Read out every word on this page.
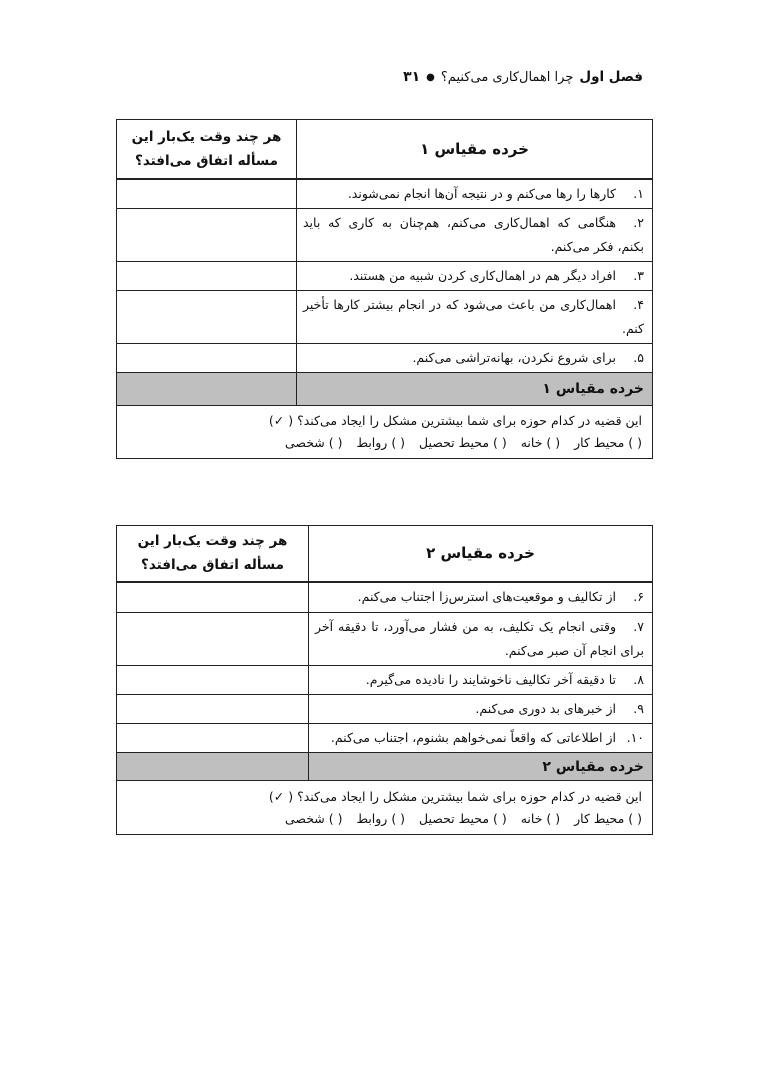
فصل اول
چرا اهمال‌کاری می‌کنیم؟
●
۳۱
خرده مقیاس ۱	هر چند وقت یک‌بار این
مسأله اتفاق می‌افتد؟

۱.کارها را رها می‌کنم و در نتیجه آن‌ها انجام نمی‌شوند.	
۲.هنگامی که اهمال‌کاری می‌کنم، هم‌چنان به کاری که باید بکنم، فکر می‌کنم.	
۳.افراد دیگر هم در اهمال‌کاری کردن شبیه من هستند.	
۴.اهمال‌کاری من باعث می‌شود که در انجام بیشتر کارها تأخیر کنم.	
۵.برای شروع نکردن، بهانه‌تراشی می‌کنم.	
خرده مقیاس ۱	

این قضیه در کدام حوزه برای شما بیشترین مشکل را ایجاد می‌کند؟ ( ✓)
( ) محیط کار ( ) خانه ( ) محیط تحصیل ( ) روابط ( ) شخصی	
خرده مقیاس ۲	هر چند وقت یک‌بار این
مسأله اتفاق می‌افتد؟

۶.از تکالیف و موقعیت‌های استرس‌زا اجتناب می‌کنم.	
۷.وقتی انجام یک تکلیف، به من فشار می‌آورد، تا دقیقه آخر برای انجام آن صبر می‌کنم.	
۸.تا دقیقه آخر تکالیف ناخوشایند را نادیده می‌گیرم.	
۹.از خبرهای بد دوری می‌کنم.	
۱۰.از اطلاعاتی که واقعاً نمی‌خواهم بشنوم، اجتناب می‌کنم.	
خرده مقیاس ۲	

این قضیه در کدام حوزه برای شما بیشترین مشکل را ایجاد می‌کند؟ ( ✓)
( ) محیط کار ( ) خانه ( ) محیط تحصیل ( ) روابط ( ) شخصی	
